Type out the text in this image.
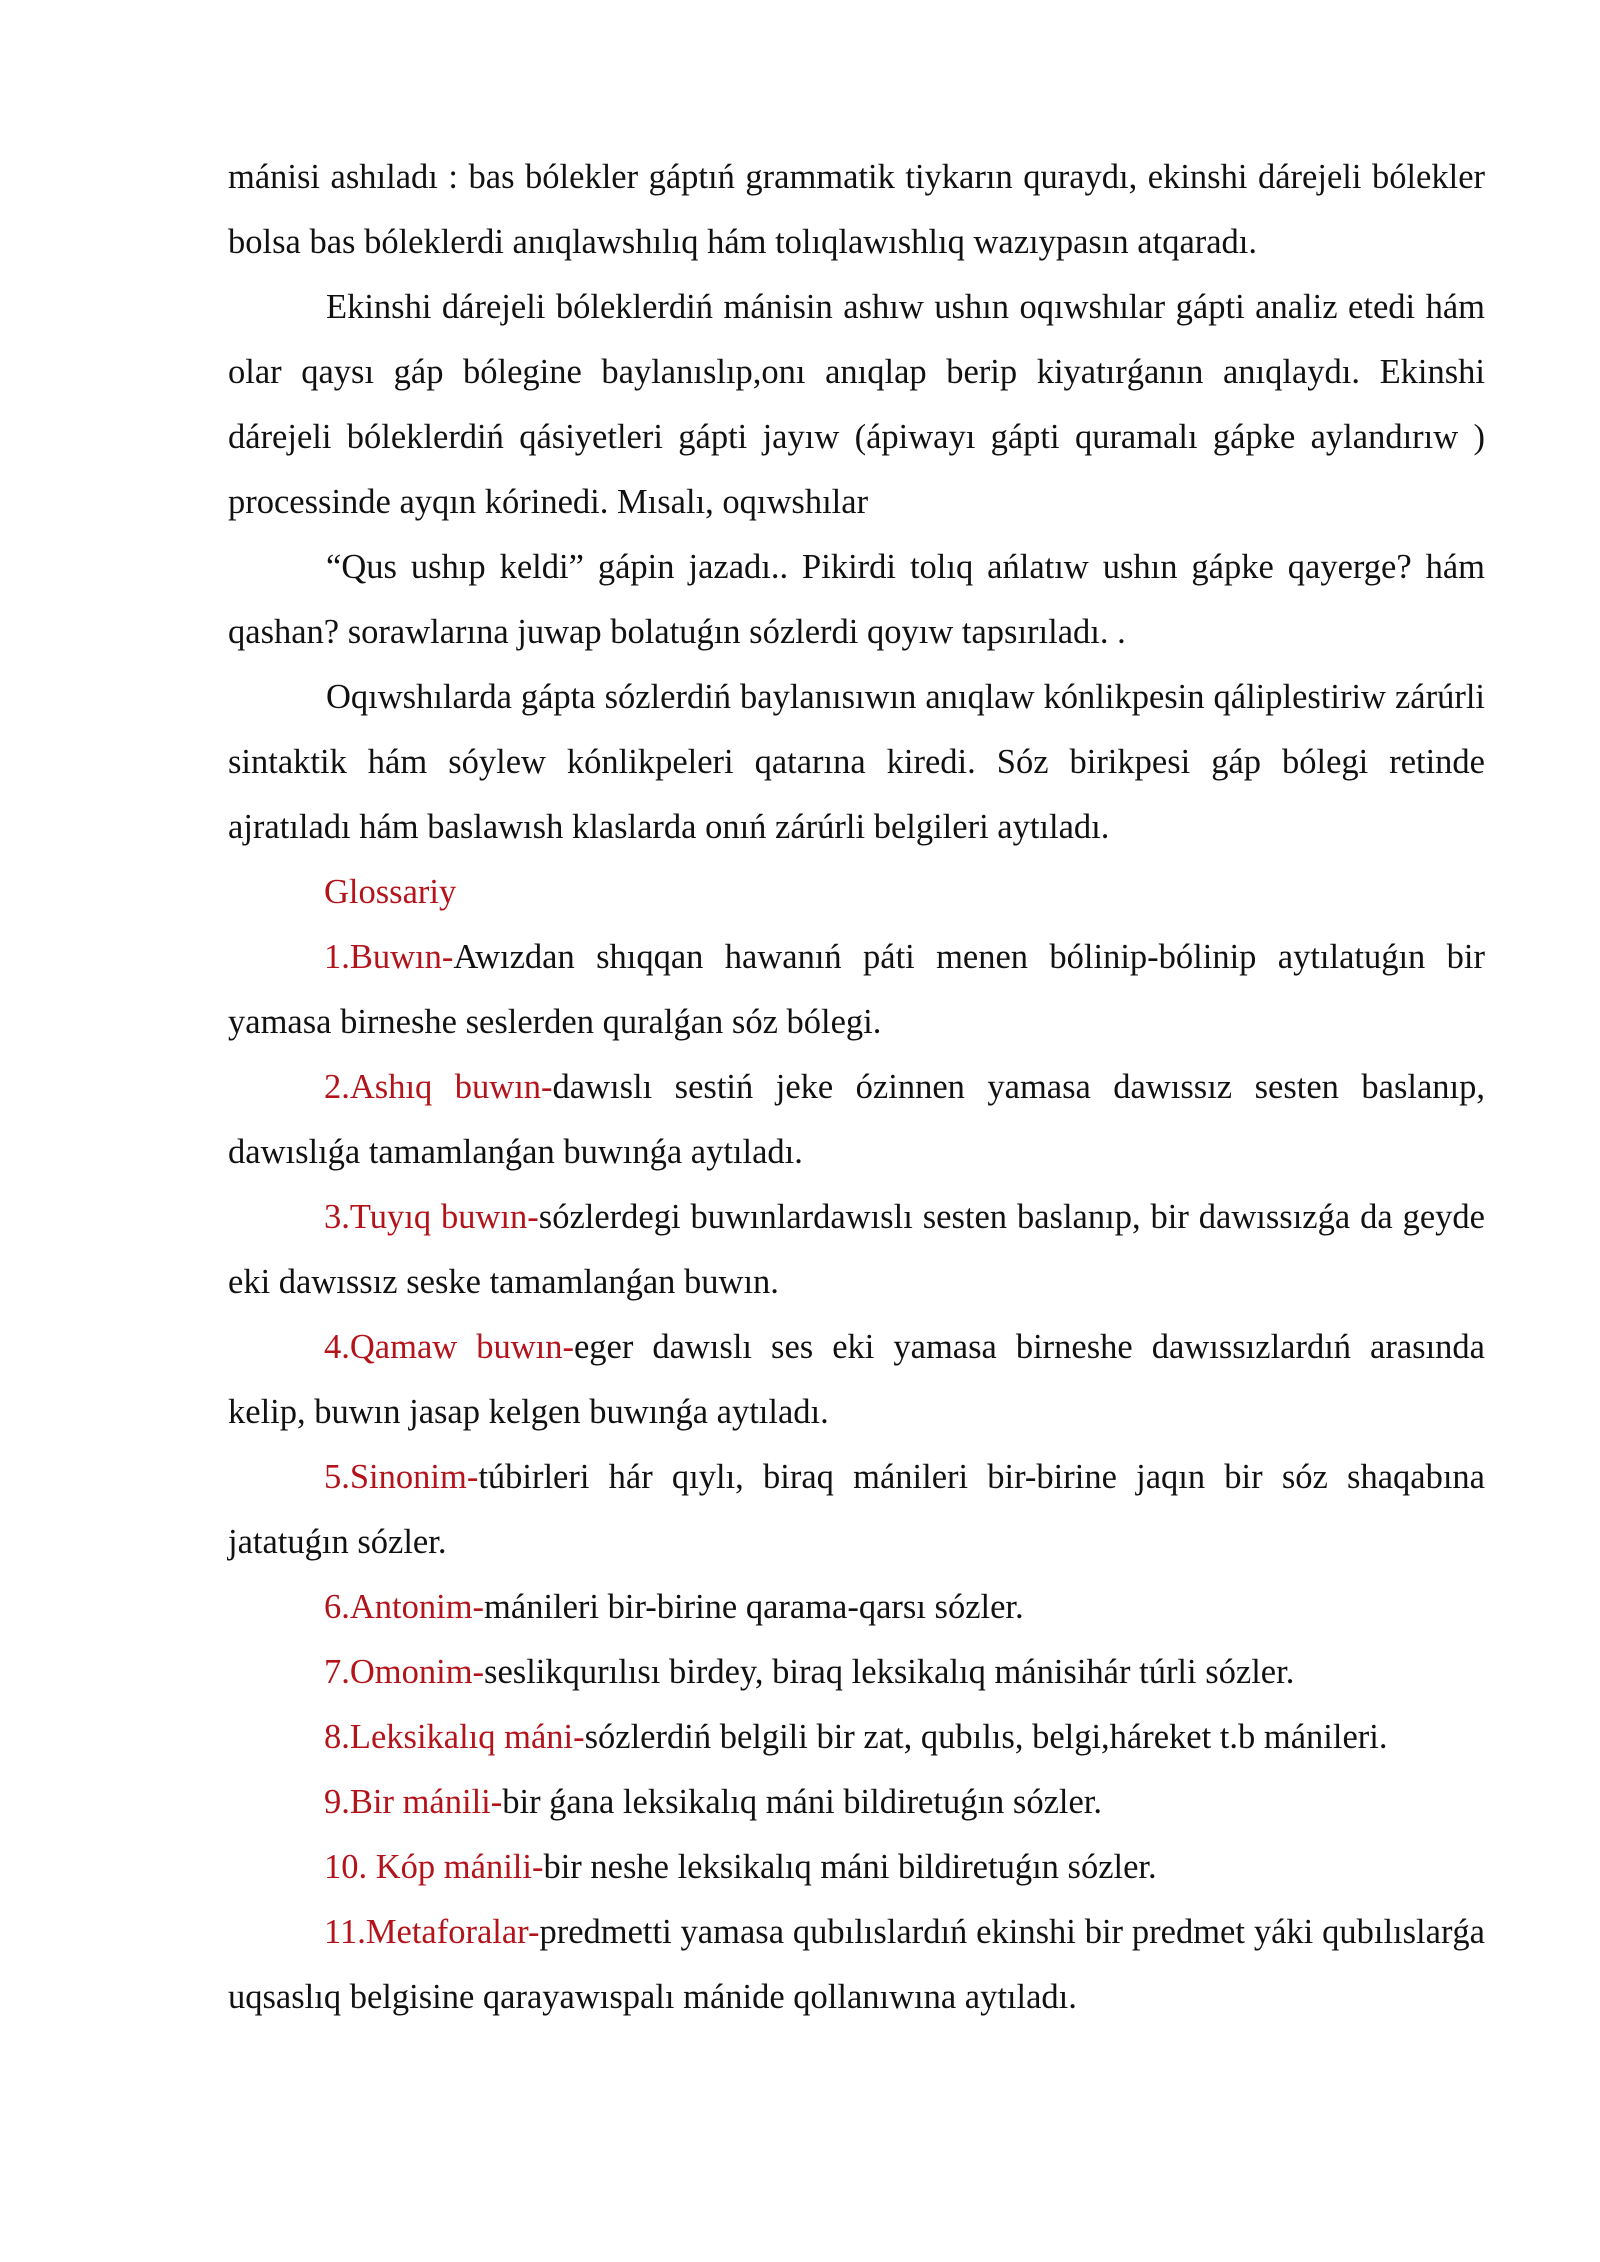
mánisi ashıladı : bas bólekler gáptıń grammatik tiykarın quraydı, ekinshi dárejeli bólekler bolsa bas bóleklerdi anıqlawshılıq hám tolıqlawıshlıq wazıypasın atqaradı.

Ekinshi dárejeli bóleklerdiń mánisin ashıw ushın oqıwshılar gápti analiz etedi hám olar qaysı gáp bólegine baylanıslıp,onı anıqlap berip kiyatırǵanın anıqlaydı. Ekinshi dárejeli bóleklerdiń qásiyetleri gápti jayıw (ápiwayı gápti quramalı gápke aylandırıw ) processinde ayqın kórinedi. Mısalı, oqıwshılar

“Qus ushıp keldi” gápin jazadı.. Pikirdi tolıq ańlatıw ushın gápke qayerge? hám qashan? sorawlarına juwap bolatuǵın sózlerdi qoyıw tapsırıladı. .

Oqıwshılarda gápta sózlerdiń baylanısıwın anıqlaw kónlikpesin qáliplestiriw zárúrli sintaktik hám sóylew kónlikpeleri qatarına kiredi. Sóz birikpesi gáp bólegi retinde ajratıladı hám baslawısh klaslarda onıń zárúrli belgileri aytıladı.

Glossariy

1.Buwın-Awızdan shıqqan hawanıń páti menen bólinip-bólinip aytılatuǵın bir yamasa birneshe seslerden quralǵan sóz bólegi.

2.Ashıq buwın-dawıslı sestiń jeke ózinnen yamasa dawıssız sesten baslanıp, dawıslıǵa tamamlanǵan buwınǵa aytıladı.

3.Tuyıq buwın-sózlerdegi buwınlardawıslı sesten baslanıp, bir dawıssızǵa da geyde eki dawıssız seske tamamlanǵan buwın.

4.Qamaw buwın-eger dawıslı ses eki yamasa birneshe dawıssızlardıń arasında kelip, buwın jasap kelgen buwınǵa aytıladı.

5.Sinonim-túbirleri hár qıylı, biraq mánileri bir-birine jaqın bir sóz shaqabına jatatuǵın sózler.

6.Antonim-mánileri bir-birine qarama-qarsı sózler.

7.Omonim-seslikqurılısı birdey, biraq leksikalıq mánisihár túrli sózler.

8.Leksikalıq máni-sózlerdiń belgili bir zat, qubılıs, belgi,háreket t.b mánileri.

9.Bir mánili-bir ǵana leksikalıq máni bildiretuǵın sózler.

10. Kóp mánili-bir neshe leksikalıq máni bildiretuǵın sózler.

11.Metaforalar-predmetti yamasa qubılıslardıń ekinshi bir predmet yáki qubılıslarǵa uqsaslıq belgisine qarayawıspalı mánide qollanıwına aytıladı.
